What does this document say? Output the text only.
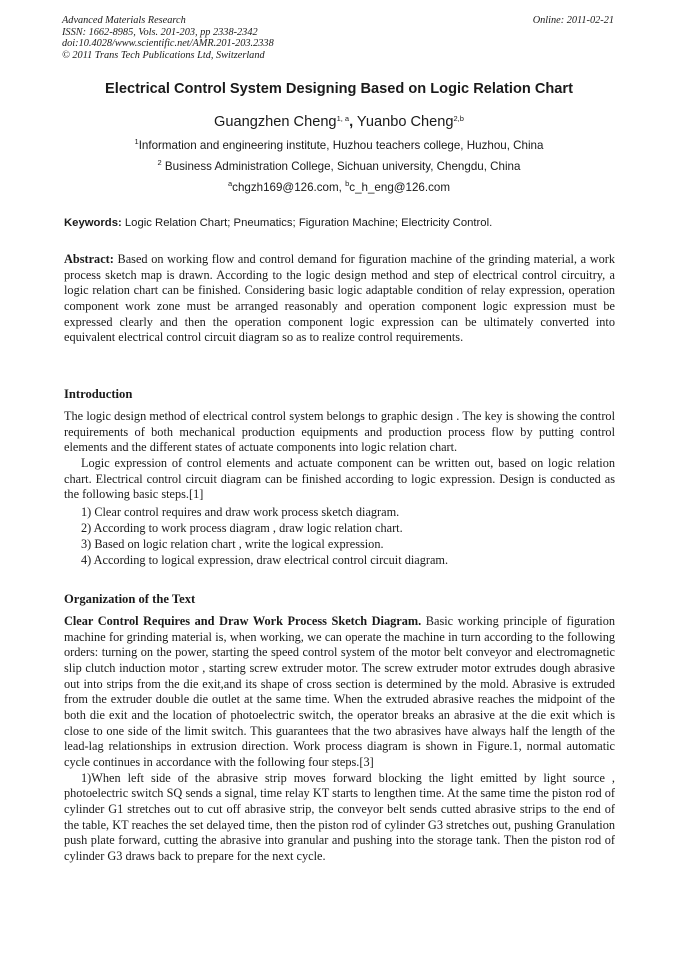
Advanced Materials Research
ISSN: 1662-8985, Vols. 201-203, pp 2338-2342
doi:10.4028/www.scientific.net/AMR.201-203.2338
© 2011 Trans Tech Publications Ltd, Switzerland
Online: 2011-02-21
Electrical Control System Designing Based on Logic Relation Chart
Guangzhen Cheng$^{1, a}$, Yuanbo Cheng$^{2,b}$
$^1$Information and engineering institute, Huzhou teachers college, Huzhou, China
$^2$ Business Administration College, Sichuan university, Chengdu, China
$^a$chgzh169@126.com, $^b$c_h_eng@126.com
Keywords: Logic Relation Chart; Pneumatics; Figuration Machine; Electricity Control.

Abstract: Based on working flow and control demand for figuration machine of the grinding material, a work process sketch map is drawn. According to the logic design method and step of electrical control circuitry, a logic relation chart can be finished. Considering basic logic adaptable condition of relay expression, operation component work zone must be arranged reasonably and operation component logic expression must be expressed clearly and then the operation component logic expression can be ultimately converted into equivalent electrical control circuit diagram so as to realize control requirements.

Introduction

The logic design method of electrical control system belongs to graphic design . The key is showing the control requirements of both mechanical production equipments and production process flow by putting control elements and the different states of actuate components into logic relation chart.

Logic expression of control elements and actuate component can be written out, based on logic relation chart. Electrical control circuit diagram can be finished according to logic expression. Design is conducted as the following basic steps.[1]

1) Clear control requires and draw work process sketch diagram.
2) According to work process diagram , draw logic relation chart.
3) Based on logic relation chart , write the logical expression.
4) According to logical expression, draw electrical control circuit diagram.
Organization of the Text

Clear Control Requires and Draw Work Process Sketch Diagram. Basic working principle of figuration machine for grinding material is, when working, we can operate the machine in turn according to the following orders: turning on the power, starting the speed control system of the motor belt conveyor and electromagnetic slip clutch induction motor , starting screw extruder motor. The screw extruder motor extrudes dough abrasive out into strips from the die exit,and its shape of cross section is determined by the mold. Abrasive is extruded from the extruder double die outlet at the same time. When the extruded abrasive reaches the midpoint of the both die exit and the location of photoelectric switch, the operator breaks an abrasive at the die exit which is close to one side of the limit switch. This guarantees that the two abrasives have always half the length of the lead-lag relationships in extrusion direction. Work process diagram is shown in Figure.1, normal automatic cycle continues in accordance with the following four steps.[3]

1)When left side of the abrasive strip moves forward blocking the light emitted by light source , photoelectric switch SQ sends a signal, time relay KT starts to lengthen time. At the same time the piston rod of cylinder G1 stretches out to cut off abrasive strip, the conveyor belt sends cutted abrasive strips to the end of the table, KT reaches the set delayed time, then the piston rod of cylinder G3 stretches out, pushing Granulation push plate forward, cutting the abrasive into granular and pushing into the storage tank. Then the piston rod of cylinder G3 draws back to prepare for the next cycle.
